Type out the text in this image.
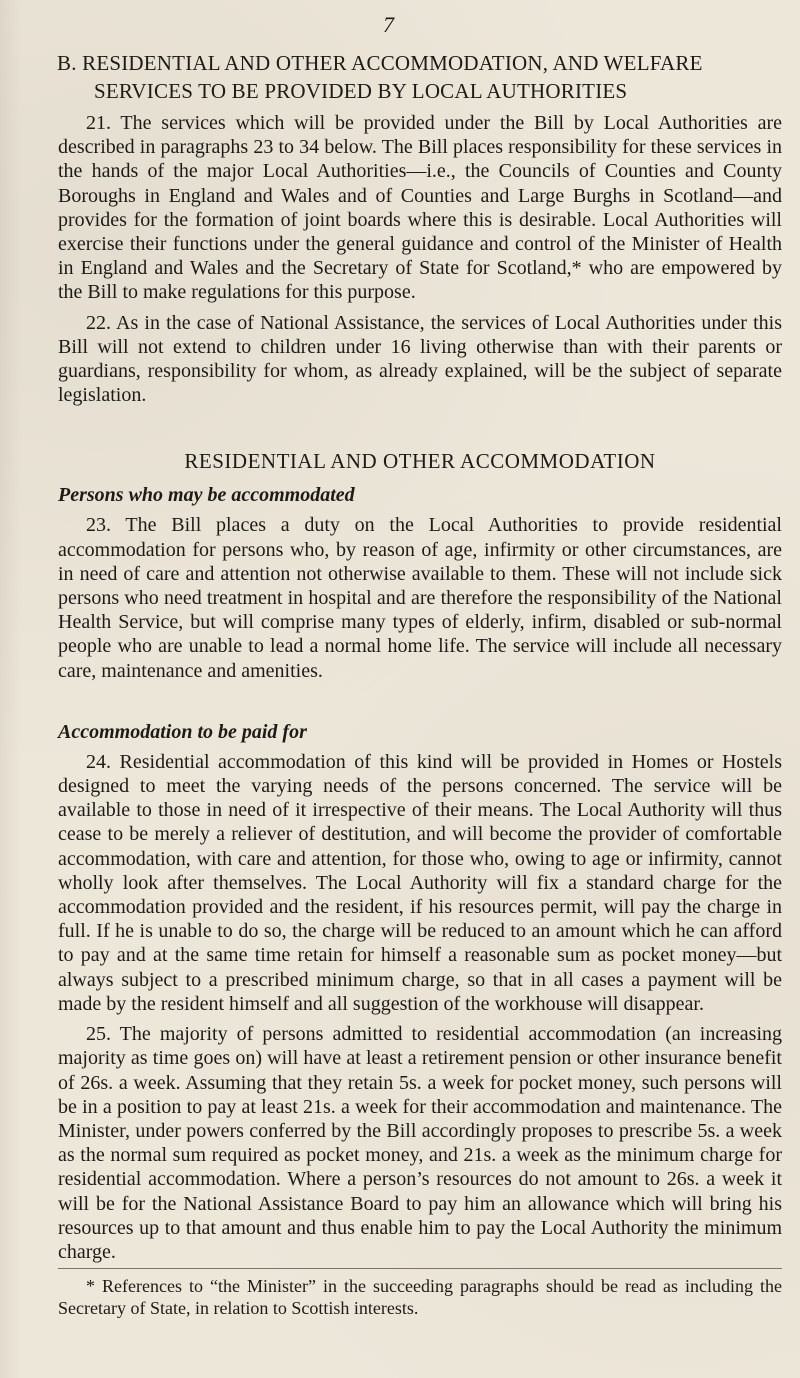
7
B. RESIDENTIAL AND OTHER ACCOMMODATION, AND WELFARE
SERVICES TO BE PROVIDED BY LOCAL AUTHORITIES

21. The services which will be provided under the Bill by Local Authorities are described in paragraphs 23 to 34 below. The Bill places responsibility for these services in the hands of the major Local Authorities—i.e., the Councils of Counties and County Boroughs in England and Wales and of Counties and Large Burghs in Scotland—and provides for the formation of joint boards where this is desirable. Local Authorities will exercise their functions under the general guidance and control of the Minister of Health in England and Wales and the Secretary of State for Scotland,* who are empowered by the Bill to make regulations for this purpose.

22. As in the case of National Assistance, the services of Local Authorities under this Bill will not extend to children under 16 living otherwise than with their parents or guardians, responsibility for whom, as already explained, will be the subject of separate legislation.

RESIDENTIAL AND OTHER ACCOMMODATION
Persons who may be accommodated

23. The Bill places a duty on the Local Authorities to provide residential accommodation for persons who, by reason of age, infirmity or other circumstances, are in need of care and attention not otherwise available to them. These will not include sick persons who need treatment in hospital and are therefore the responsibility of the National Health Service, but will comprise many types of elderly, infirm, disabled or sub-normal people who are unable to lead a normal home life. The service will include all necessary care, maintenance and amenities.

Accommodation to be paid for

24. Residential accommodation of this kind will be provided in Homes or Hostels designed to meet the varying needs of the persons concerned. The service will be available to those in need of it irrespective of their means. The Local Authority will thus cease to be merely a reliever of destitution, and will become the provider of comfortable accommodation, with care and attention, for those who, owing to age or infirmity, cannot wholly look after themselves. The Local Authority will fix a standard charge for the accommodation provided and the resident, if his resources permit, will pay the charge in full. If he is unable to do so, the charge will be reduced to an amount which he can afford to pay and at the same time retain for himself a reasonable sum as pocket money—but always subject to a prescribed minimum charge, so that in all cases a payment will be made by the resident himself and all suggestion of the workhouse will disappear.

25. The majority of persons admitted to residential accommodation (an increasing majority as time goes on) will have at least a retirement pension or other insurance benefit of 26s. a week. Assuming that they retain 5s. a week for pocket money, such persons will be in a position to pay at least 21s. a week for their accommodation and maintenance. The Minister, under powers conferred by the Bill accordingly proposes to prescribe 5s. a week as the normal sum required as pocket money, and 21s. a week as the minimum charge for residential accommodation. Where a person’s resources do not amount to 26s. a week it will be for the National Assistance Board to pay him an allowance which will bring his resources up to that amount and thus enable him to pay the Local Authority the minimum charge.

* References to “the Minister” in the succeeding paragraphs should be read as including the Secretary of State, in relation to Scottish interests.
